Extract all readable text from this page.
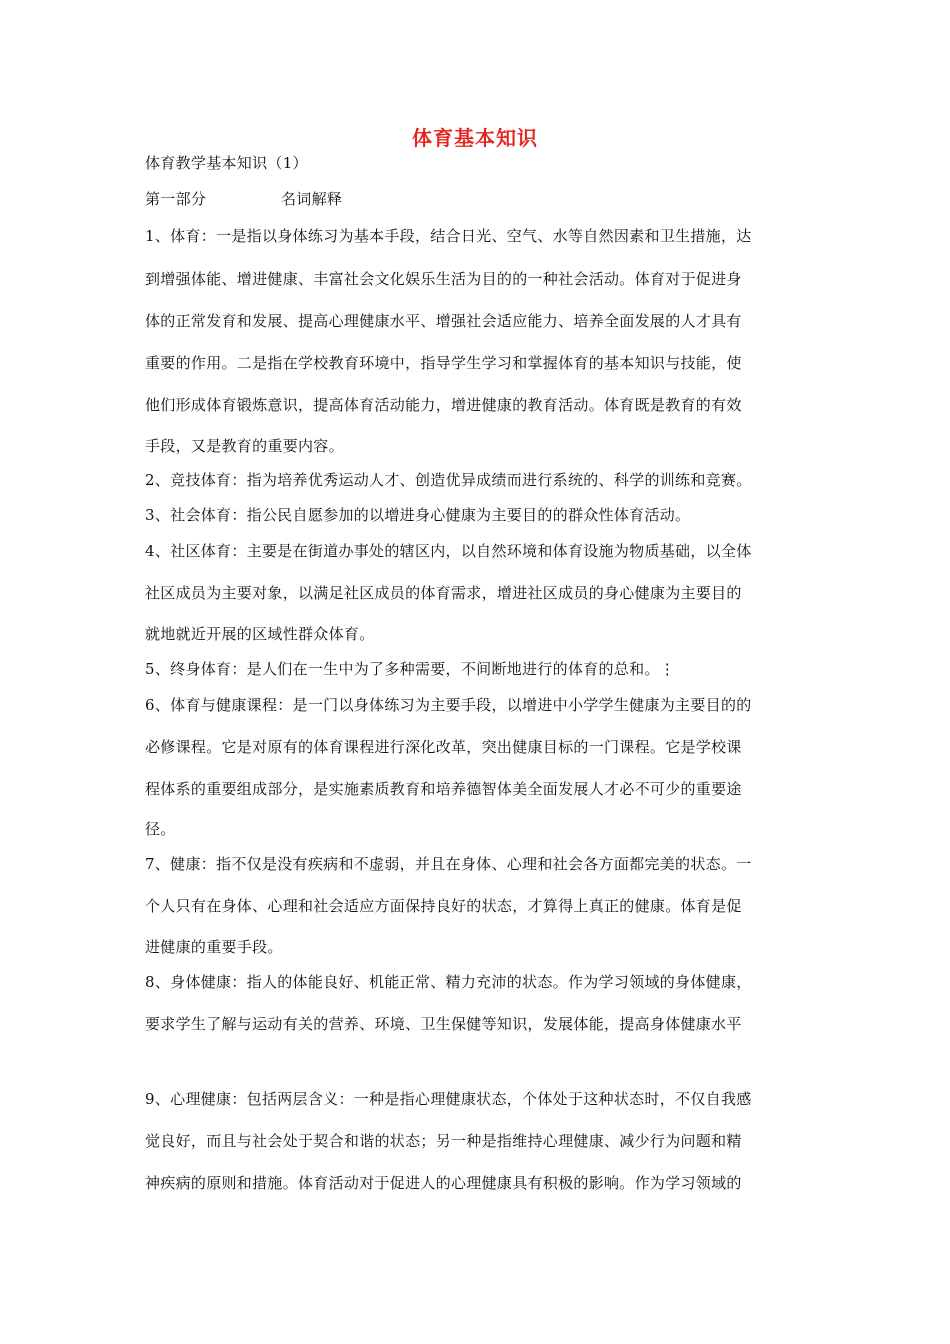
体育基本知识
体育教学基本知识（1）
第一部分	名词解释
1、体育：一是指以身体练习为基本手段，结合日光、空气、水等自然因素和卫生措施，达
到增强体能、增进健康、丰富社会文化娱乐生活为目的的一种社会活动。体育对于促进身
体的正常发育和发展、提高心理健康水平、增强社会适应能力、培养全面发展的人才具有
重要的作用。二是指在学校教育环境中，指导学生学习和掌握体育的基本知识与技能，使
他们形成体育锻炼意识，提高体育活动能力，增进健康的教育活动。体育既是教育的有效
手段，又是教育的重要内容。
2、竞技体育：指为培养优秀运动人才、创造优异成绩而进行系统的、科学的训练和竞赛。
3、社会体育：指公民自愿参加的以增进身心健康为主要目的的群众性体育活动。
4、社区体育：主要是在街道办事处的辖区内，以自然环境和体育设施为物质基础，以全体
社区成员为主要对象，以满足社区成员的体育需求，增进社区成员的身心健康为主要目的
就地就近开展的区域性群众体育。
5、终身体育：是人们在一生中为了多种需要，不间断地进行的体育的总和。⋮
6、体育与健康课程：是一门以身体练习为主要手段，以增进中小学学生健康为主要目的的
必修课程。它是对原有的体育课程进行深化改革，突出健康目标的一门课程。它是学校课
程体系的重要组成部分，是实施素质教育和培养德智体美全面发展人才必不可少的重要途
径。
7、健康：指不仅是没有疾病和不虚弱，并且在身体、心理和社会各方面都完美的状态。一
个人只有在身体、心理和社会适应方面保持良好的状态，才算得上真正的健康。体育是促
进健康的重要手段。
8、身体健康：指人的体能良好、机能正常、精力充沛的状态。作为学习领域的身体健康，
要求学生了解与运动有关的营养、环境、卫生保健等知识，发展体能，提高身体健康水平
9、心理健康：包括两层含义：一种是指心理健康状态，个体处于这种状态时，不仅自我感
觉良好，而且与社会处于契合和谐的状态；另一种是指维持心理健康、减少行为问题和精
神疾病的原则和措施。体育活动对于促进人的心理健康具有积极的影响。作为学习领域的
